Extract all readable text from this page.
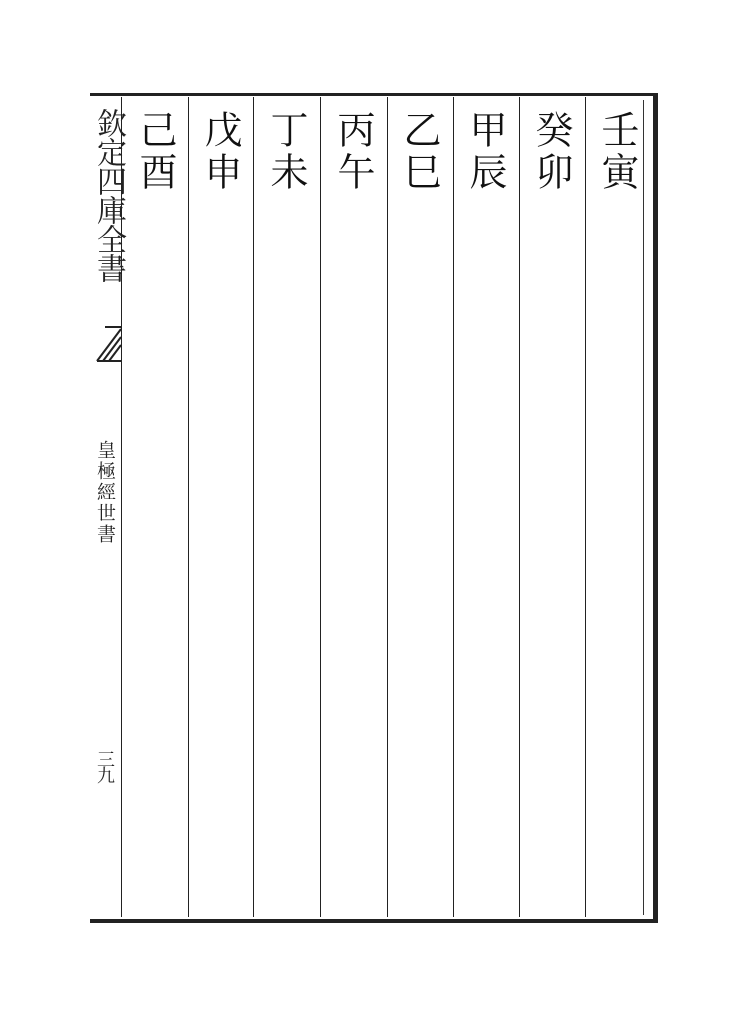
欽定四庫全書
皇極經世書
三九
壬寅
癸卯
甲辰
乙巳
丙午
丁未
戊申
己酉
